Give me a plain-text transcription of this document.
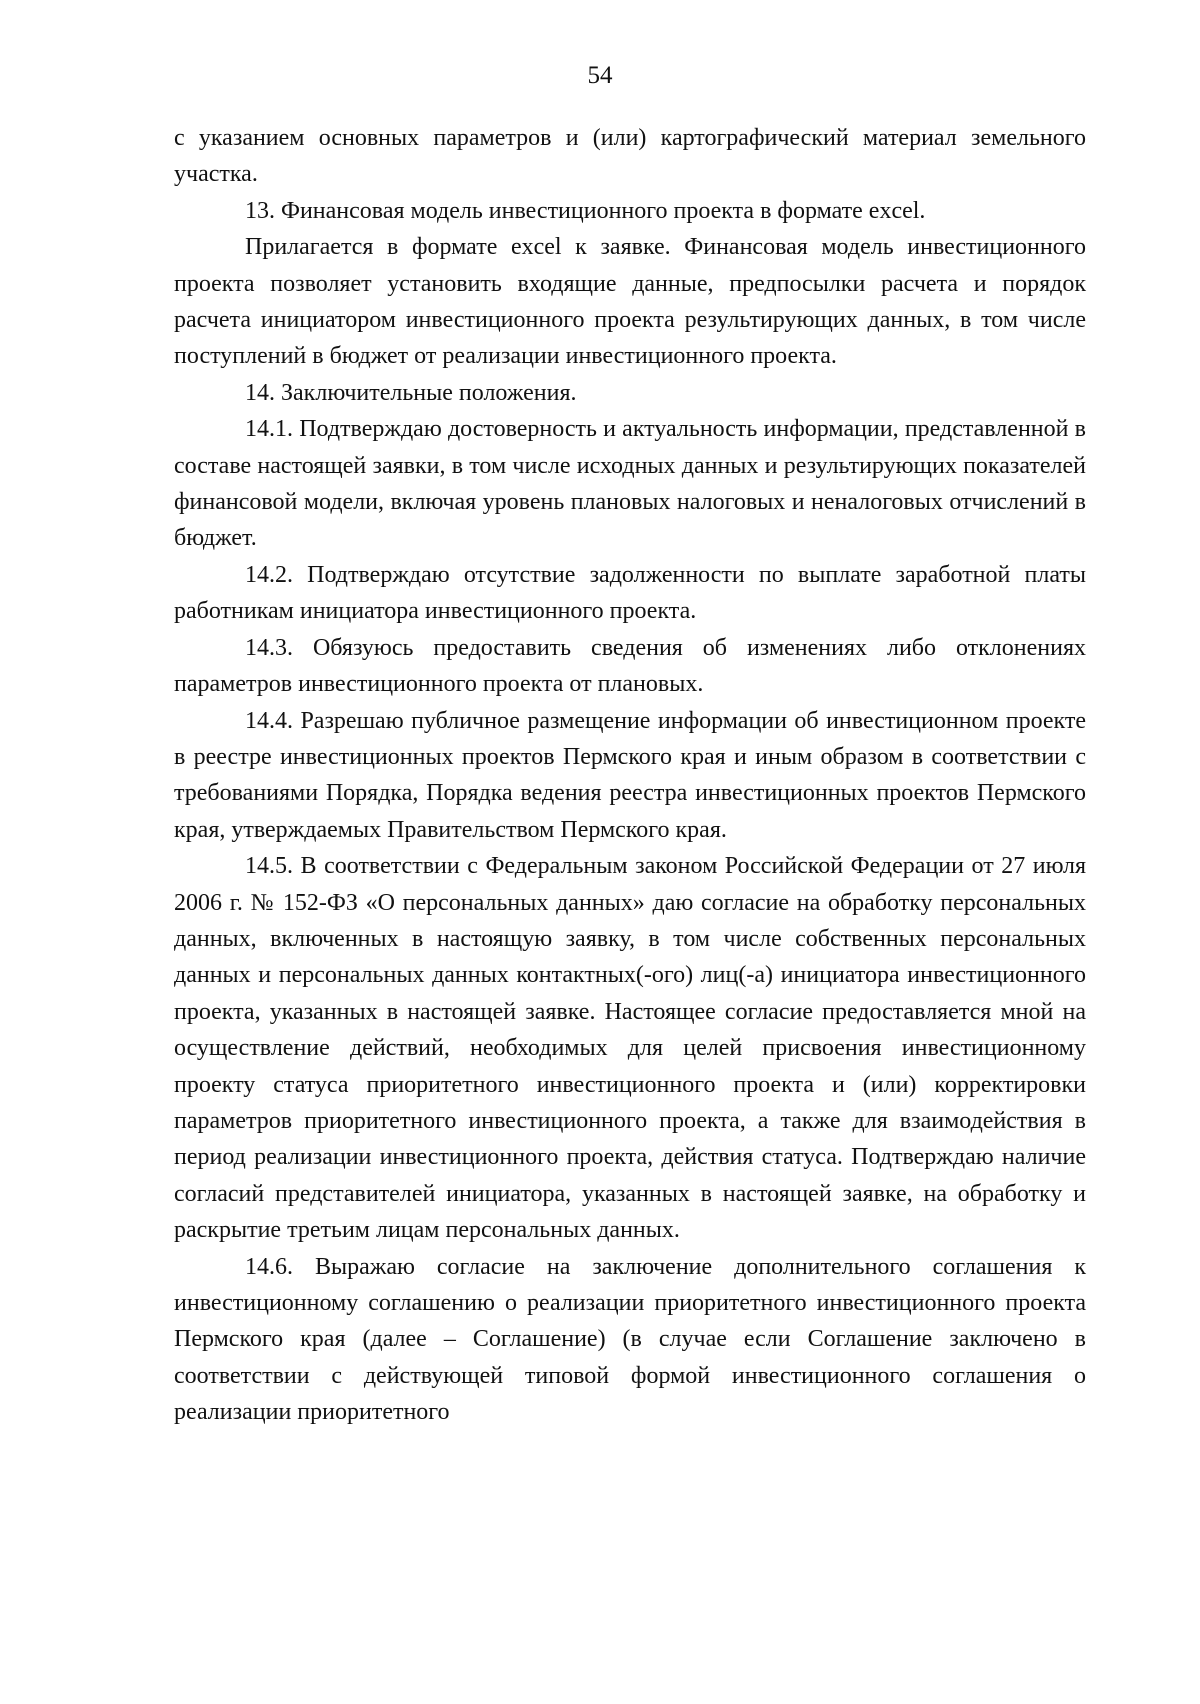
54

с указанием основных параметров и (или) картографический материал земельного участка.

13. Финансовая модель инвестиционного проекта в формате excel.

Прилагается в формате excel к заявке. Финансовая модель инвестиционного проекта позволяет установить входящие данные, предпосылки расчета и порядок расчета инициатором инвестиционного проекта результирующих данных, в том числе поступлений в бюджет от реализации инвестиционного проекта.

14. Заключительные положения.

14.1. Подтверждаю достоверность и актуальность информации, представленной в составе настоящей заявки, в том числе исходных данных и результирующих показателей финансовой модели, включая уровень плановых налоговых и неналоговых отчислений в бюджет.

14.2. Подтверждаю отсутствие задолженности по выплате заработной платы работникам инициатора инвестиционного проекта.

14.3. Обязуюсь предоставить сведения об изменениях либо отклонениях параметров инвестиционного проекта от плановых.

14.4. Разрешаю публичное размещение информации об инвестиционном проекте в реестре инвестиционных проектов Пермского края и иным образом в соответствии с требованиями Порядка, Порядка ведения реестра инвестиционных проектов Пермского края, утверждаемых Правительством Пермского края.

14.5. В соответствии с Федеральным законом Российской Федерации от 27 июля 2006 г. № 152-ФЗ «О персональных данных» даю согласие на обработку персональных данных, включенных в настоящую заявку, в том числе собственных персональных данных и персональных данных контактных(-ого) лиц(-а) инициатора инвестиционного проекта, указанных в настоящей заявке. Настоящее согласие предоставляется мной на осуществление действий, необходимых для целей присвоения инвестиционному проекту статуса приоритетного инвестиционного проекта и (или) корректировки параметров приоритетного инвестиционного проекта, а также для взаимодействия в период реализации инвестиционного проекта, действия статуса. Подтверждаю наличие согласий представителей инициатора, указанных в настоящей заявке, на обработку и раскрытие третьим лицам персональных данных.

14.6. Выражаю согласие на заключение дополнительного соглашения к инвестиционному соглашению о реализации приоритетного инвестиционного проекта Пермского края (далее – Соглашение) (в случае если Соглашение заключено в соответствии с действующей типовой формой инвестиционного соглашения о реализации приоритетного
